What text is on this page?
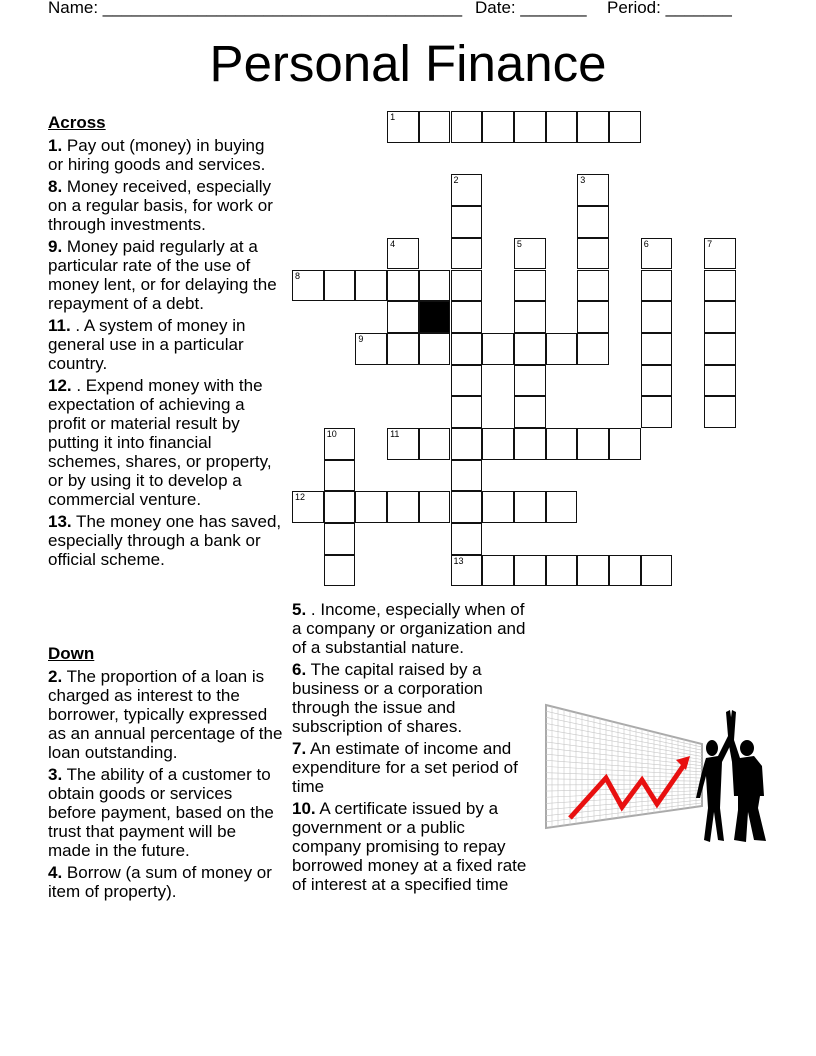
Name: ______________________________________ Date: _______ Period: _______
Personal Finance
1
2
13
3
4	5	6	7
8
9
10	11
12
Across
1. Pay out (money) in buying or hiring goods and services.
8. Money received, especially on a regular basis, for work or through investments.
9. Money paid regularly at a particular rate of the use of money lent, or for delaying the repayment of a debt.
11. . A system of money in general use in a particular country.
12. . Expend money with the expectation of achieving a profit or material result by putting it into financial schemes, shares, or property, or by using it to develop a commercial venture.
13. The money one has saved, especially through a bank or official scheme.
Down
2. The proportion of a loan is charged as interest to the borrower, typically expressed as an annual percentage of the loan outstanding.
3. The ability of a customer to obtain goods or services before payment, based on the trust that payment will be made in the future.
4. Borrow (a sum of money or item of property).
5. . Income, especially when of a company or organization and of a substantial nature.
6. The capital raised by a business or a corporation through the issue and subscription of shares.
7. An estimate of income and expenditure for a set period of time
10. A certificate issued by a government or a public company promising to repay borrowed money at a fixed rate of interest at a specified time
